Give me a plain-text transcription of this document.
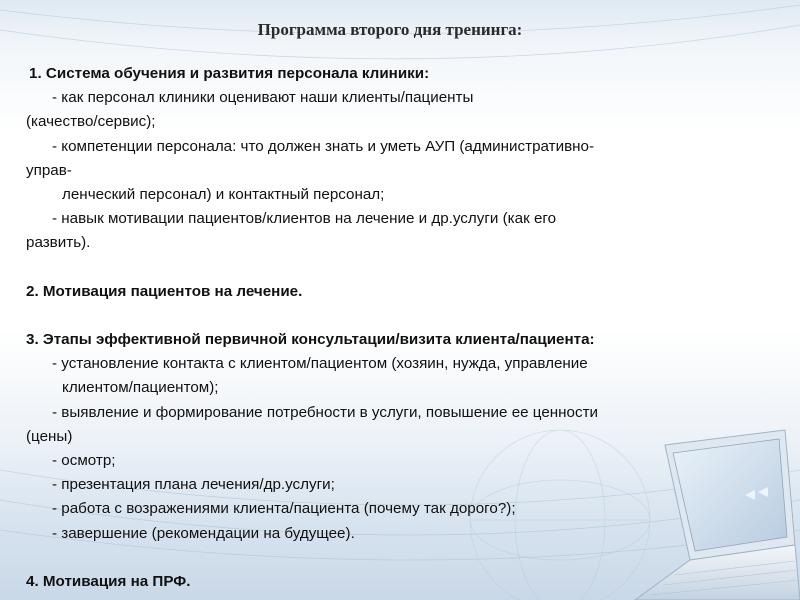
Программа второго дня тренинга:
1. Система обучения и развития персонала клиники:
- как персонал клиники оценивают наши клиенты/пациенты
(качество/сервис);
- компетенции персонала: что должен знать и уметь АУП (административно-
управ-
ленческий персонал) и контактный персонал;
- навык мотивации пациентов/клиентов на лечение и др.услуги (как его
развить).
2. Мотивация пациентов на лечение.
3. Этапы эффективной первичной консультации/визита клиента/пациента:
- установление контакта с клиентом/пациентом (хозяин, нужда, управление
клиентом/пациентом);
- выявление и формирование потребности в услуги, повышение ее ценности
(цены)
- осмотр;
- презентация плана лечения/др.услуги;
- работа с возражениями клиента/пациента (почему так дорого?);
- завершение (рекомендации на будущее).
4. Мотивация на ПРФ.
